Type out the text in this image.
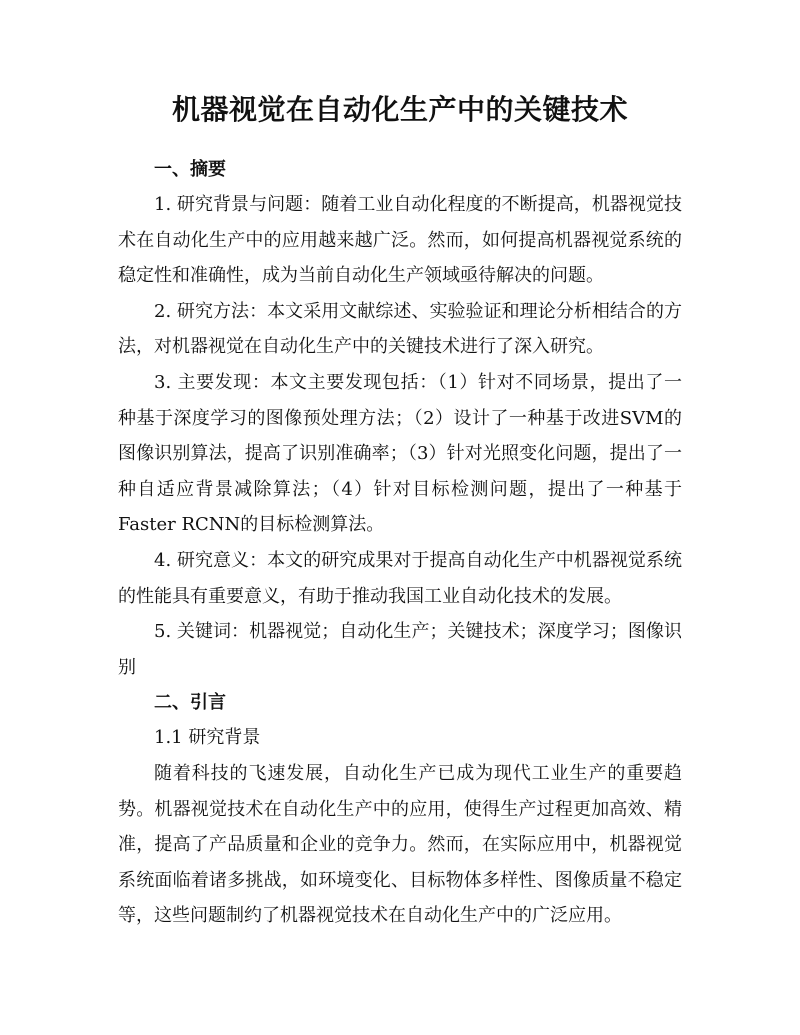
机器视觉在自动化生产中的关键技术
一、摘要

1. 研究背景与问题：随着工业自动化程度的不断提高，机器视觉技术在自动化生产中的应用越来越广泛。然而，如何提高机器视觉系统的稳定性和准确性，成为当前自动化生产领域亟待解决的问题。

2. 研究方法：本文采用文献综述、实验验证和理论分析相结合的方法，对机器视觉在自动化生产中的关键技术进行了深入研究。

3. 主要发现：本文主要发现包括：（1）针对不同场景，提出了一种基于深度学习的图像预处理方法；（2）设计了一种基于改进SVM的图像识别算法，提高了识别准确率；（3）针对光照变化问题，提出了一种自适应背景减除算法；（4）针对目标检测问题，提出了一种基于Faster RCNN的目标检测算法。

4. 研究意义：本文的研究成果对于提高自动化生产中机器视觉系统的性能具有重要意义，有助于推动我国工业自动化技术的发展。

5. 关键词：机器视觉；自动化生产；关键技术；深度学习；图像识别

二、引言

1.1 研究背景

随着科技的飞速发展，自动化生产已成为现代工业生产的重要趋势。机器视觉技术在自动化生产中的应用，使得生产过程更加高效、精准，提高了产品质量和企业的竞争力。然而，在实际应用中，机器视觉系统面临着诸多挑战，如环境变化、目标物体多样性、图像质量不稳定等，这些问题制约了机器视觉技术在自动化生产中的广泛应用。
